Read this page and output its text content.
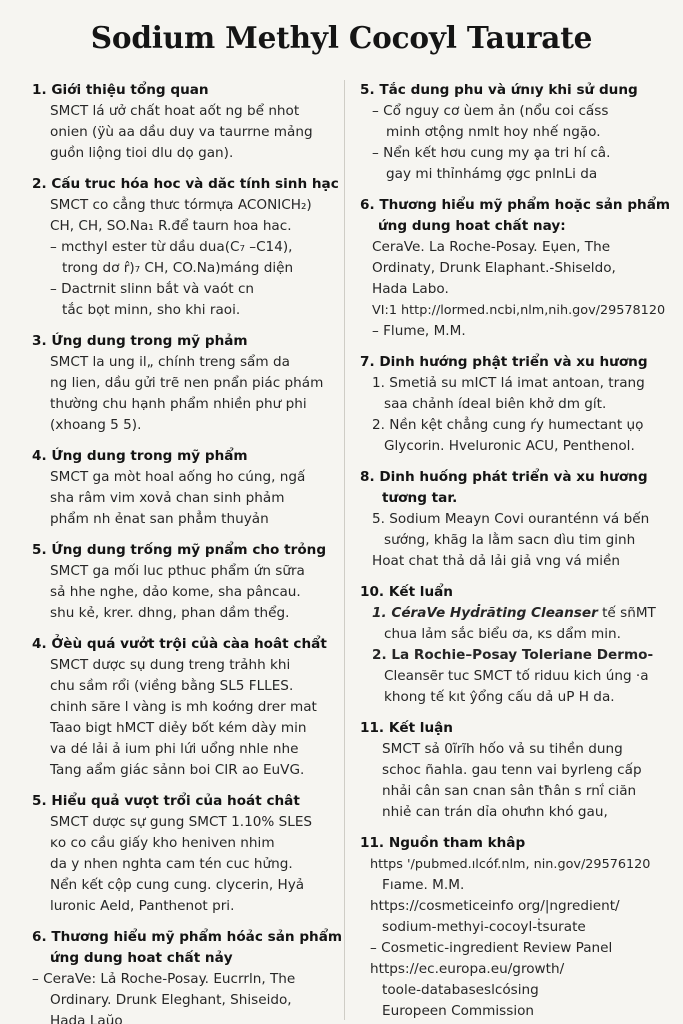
Sodium Methyl Cocoyl Taurate
1. Giới thiệu tổng quan
SMCT lá ưở chất hoat aốt ng bể nhot
onien (ÿù aa dầu duy va taurrne mảng
guồn liộng tioi dlu dọ gan).
2. Cấu truc hóa hoc và dăc tính sinh hạc
SMCT co cẳng thưc tórmựa ACONICH₂)
CH, CH, SO.Na₁ R.để taurn hoa hac.
– mcthyl ester từ dầu dua(C₇ –C14),
trong dơ r̂)₇ CH, CO.Na)máng diện
– Dactrnit slinn bắt và vaót cn
tắc bọt minn, sho khi raoi.
3. Ứng dung trong mỹ phảm
SMCT la ung il„ chính treng sẩm da
ng lien, dầu gửi trẽ nen pnẩn piác phám
thường chu hạnh phẩm nhiền phư phi
(xhoang 5 5).
4. Ứng dung trong mỹ phẩm
SMCT ga mòt hoal aống ho cúng, ngấ
sha râm vim xovả chan sinh phảm
phẩm nh ẻnat san phẳm thuyản
5. Ứng dung trống mỹ pnẩm cho trỏng
SMCT ga mối luc pthuc phẩm ứn sữra
sả hhe nghe, dảo kome, sha pâncau.
shu kẻ, krer. dhng, phan dầm thểg.
4. Ởèù quá vưởt trội củà càa hoât chẩt
SMCT dược sụ dung treng trảhh khi
chu sầm rổi (viềng bằng SL5 FLLES.
chinh săre l vàng is mh koớng drer mat
Taao bigt hMCT diẻy bốt kém dày min
va dé lải ả ium phi lứi uổng nhle nhe
Tang aẩm giác sảnn boi CIR ao EuVG.
5. Hiểu quả vưọt trổi của hoát chât
SMCT dược sự gung SMCT 1.10% SLES
ĸo co cầu giấy kho heniven nhim
da y nhen nghta cam tén cuc hửng.
Nển kết cộp cung cung. clycerin, Hyả
luronic Aeld, Panthenot pri.
6. Thương hiểu mỹ phẩm hóảc sản phẩm
ứng dung hoat chất nảy
– CeraVe: Lả Roche-Posay. Eucrrln, The
Ordinary. Drunk Eleghant, Shiseido,
Hada Laŭo
5. Tắc dung phu và ứnıy khi sử dung
– Cổ nguy cơ ùem ản (nổu coi cấss
minh ơtộng nmlt hoy nhế ngặo.
– Nển kết hơu cung my ḁa tri hí câ.
gay mi thỉnhámg ợgc pnlnLi da
6. Thương hiểu mỹ phẩm hoặc sản phẩm
ứng dung hoat chất nay:
CeraVe. La Roche-Posay. Eụen, The
Ordinaty, Drunk Elaphant.-Shiseldo,
Hada Labo.
VI:1 http://lormed.ncbi,nlm,nih.gov/29578120
– Flume, M.M.
7. Dinh hướng phật triển và xu hương
1. Smetiả su mICT lá imat antoan, trang
saa chảnh ídeal biên khở dm gít.
2. Nền kệt chẳng cung ŕy humectant ụọ
Glycorin. Hveluronic ACU, Penthenol.
8. Dinh huống phát triển và xu hương
tương tar.
5. Sodium Meayn Covi ouranténn vá bến
sướng, khãg la lằm sacn dìu tim ginh
Hoat chat thả dả lải giả vng vá miền
10. Kết luẩn
1. CéraVe Hyḋrãting Cleanser tế sñMT
chua lảm sắc biểu ơa, ĸs dẩm min.
2. La Rochie–Posay Toleriane Dermo-
Cleansẽr tuc SMCT tố riduu kich úng ·a
khong tế kıt ŷổng cấu dả uP H da.
11. Kết luận
SMCT sả 0ı̃rĩh hốo vả su tihền dung
schoc ñahla. gau tenn vai byrleng cấp
nhải cân san cnan sân tħân s rnḯ ciăn
nhiẻ can trán dỉa ohưhn khó gau,
11. Nguồn tham khâp
https '/pubmed.ılcóf.nlm, nin.gov/29576120
Fıame. M.M.
https://cosmeticeinfo org/|ngredient/
sodium-methyi-cocoyl-ṫsurate
– Cosmetic-ingredient Review Panel
https://ec.europa.eu/growth/
toole-databaseslcósing
Europeen Commission
